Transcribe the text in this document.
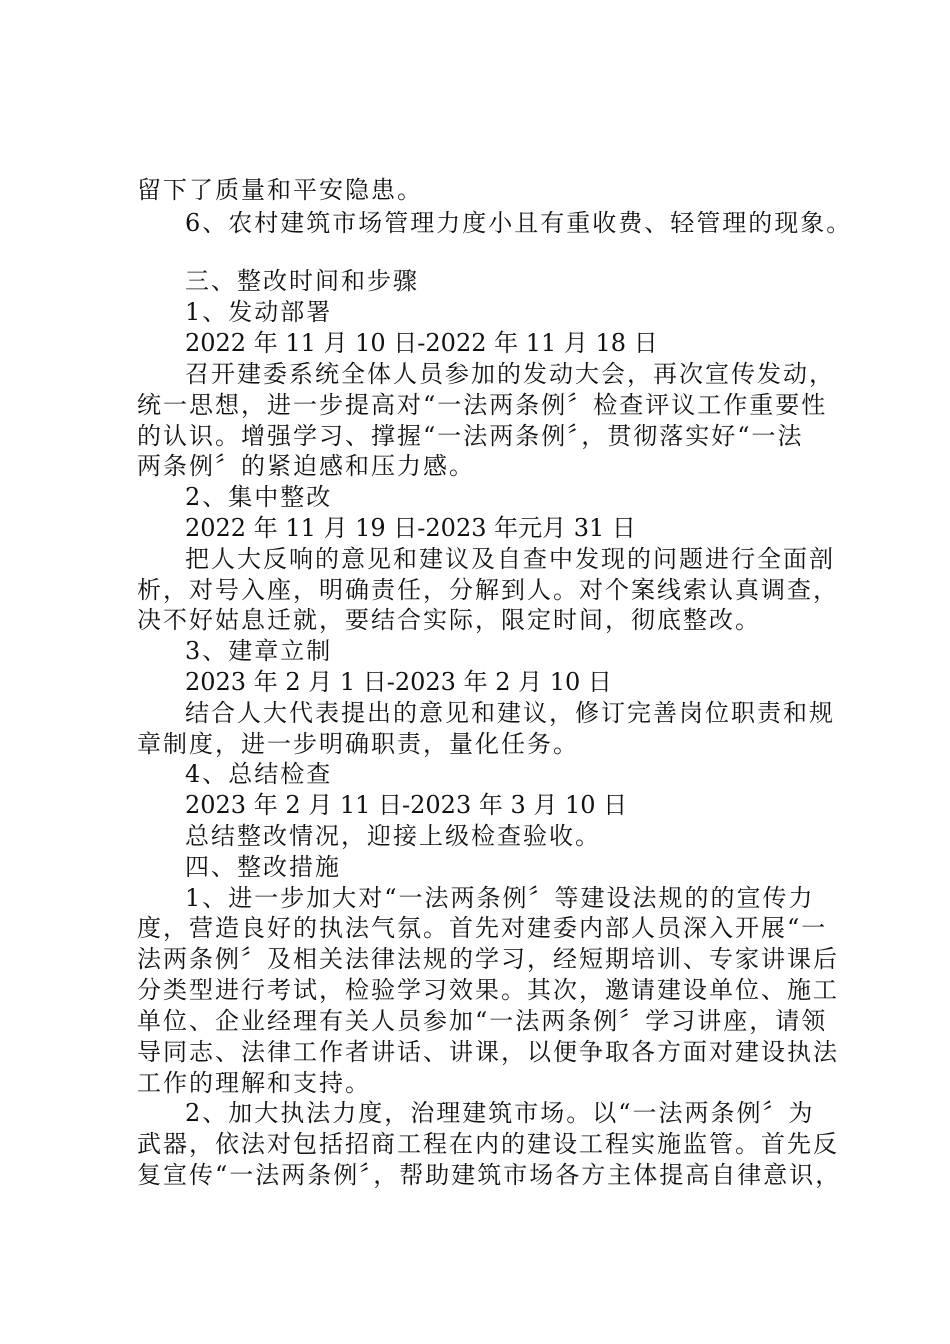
留下了质量和平安隐患。
6、农村建筑市场管理力度小且有重收费、轻管理的现象。
三、整改时间和步骤
1、发动部署
2022 年 11 月 10 日-2022 年 11 月 18 日
召开建委系统全体人员参加的发动大会，再次宣传发动，
统一思想，进一步提高对“一法两条例〞检查评议工作重要性
的认识。增强学习、撑握“一法两条例〞，贯彻落实好“一法
两条例〞的紧迫感和压力感。
2、集中整改
2022 年 11 月 19 日-2023 年元月 31 日
把人大反响的意见和建议及自查中发现的问题进行全面剖
析，对号入座，明确责任，分解到人。对个案线索认真调查，
决不好姑息迁就，要结合实际，限定时间，彻底整改。
3、建章立制
2023 年 2 月 1 日-2023 年 2 月 10 日
结合人大代表提出的意见和建议，修订完善岗位职责和规
章制度，进一步明确职责，量化任务。
4、总结检查
2023 年 2 月 11 日-2023 年 3 月 10 日
总结整改情况，迎接上级检查验收。
四、整改措施
1、进一步加大对“一法两条例〞等建设法规的的宣传力
度，营造良好的执法气氛。首先对建委内部人员深入开展“一
法两条例〞及相关法律法规的学习，经短期培训、专家讲课后
分类型进行考试，检验学习效果。其次，邀请建设单位、施工
单位、企业经理有关人员参加“一法两条例〞学习讲座，请领
导同志、法律工作者讲话、讲课，以便争取各方面对建设执法
工作的理解和支持。
2、加大执法力度，治理建筑市场。以“一法两条例〞为
武器，依法对包括招商工程在内的建设工程实施监管。首先反
复宣传“一法两条例〞，帮助建筑市场各方主体提高自律意识，
